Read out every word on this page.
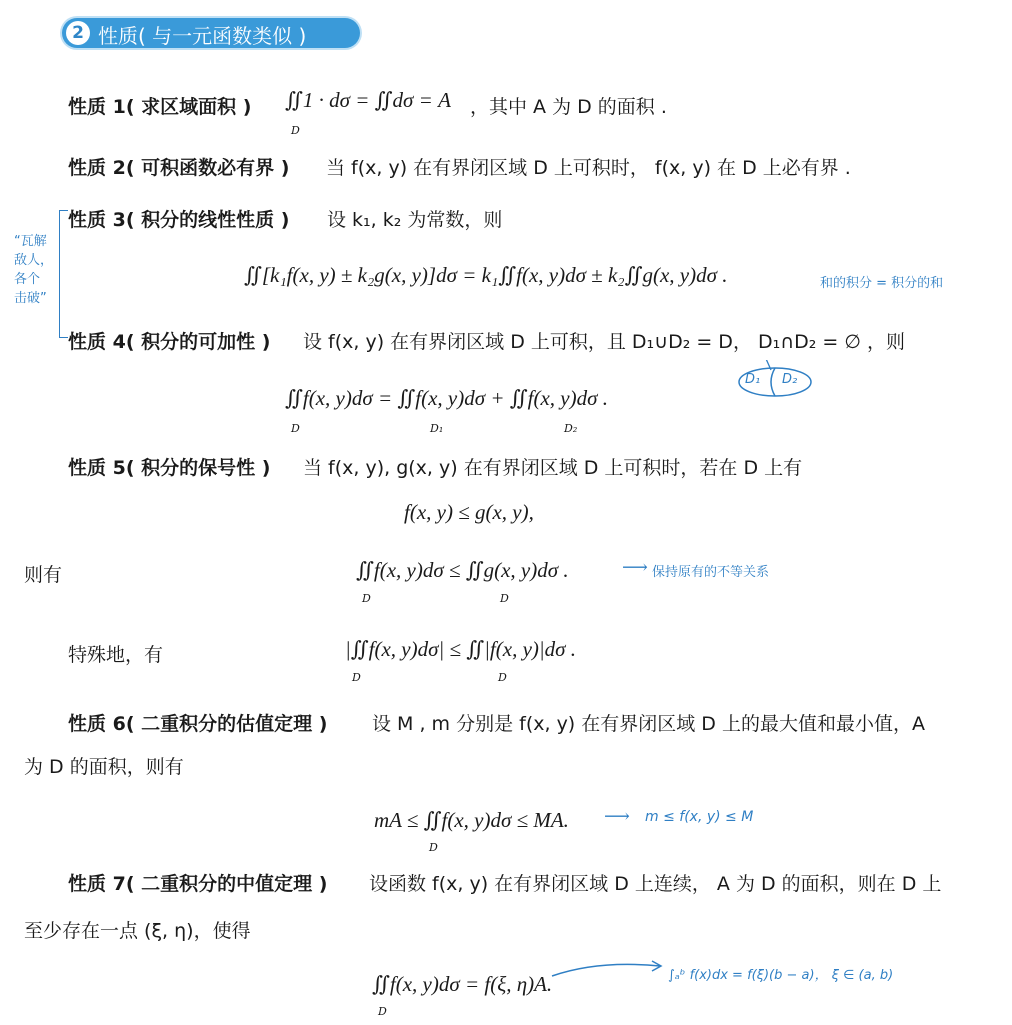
2 性质( 与一元函数类似 )
性质 1( 求区域面积 ) ∬1 · dσ = ∬dσ = A
D
，其中 A 为 D 的面积 .
性质 2( 可积函数必有界 ) 当 f(x, y) 在有界闭区域 D 上可积时， f(x, y) 在 D 上必有界 .
“瓦解
敌人，
各个
击破”
性质 3( 积分的线性性质 ) 设 k₁, k₂ 为常数，则
∬[k₁f(x, y) ± k₂g(x, y)]dσ = k₁∬f(x, y)dσ ± k₂∬g(x, y)dσ .	和的积分 = 积分的和
性质 4( 积分的可加性 ) 设 f(x, y) 在有界闭区域 D 上可积，且 D₁∪D₂ = D， D₁∩D₂ = ∅ ，则
∬f(x, y)dσ = ∬f(x, y)dσ + ∬f(x, y)dσ .
D	D₁	D₂
D₁ D₂
性质 5( 积分的保号性 ) 当 f(x, y), g(x, y) 在有界闭区域 D 上可积时，若在 D 上有
f(x, y) ≤ g(x, y),
则有	∬f(x, y)dσ ≤ ∬g(x, y)dσ .
D	D
⟶ 保持原有的不等关系
特殊地，有	|∬f(x, y)dσ| ≤ ∬|f(x, y)|dσ .
D	D
性质 6( 二重积分的估值定理 ) 设 M , m 分别是 f(x, y) 在有界闭区域 D 上的最大值和最小值，A
为 D 的面积，则有
mA ≤ ∬f(x, y)dσ ≤ MA.
D
⟶ m ≤ f(x, y) ≤ M
性质 7( 二重积分的中值定理 ) 设函数 f(x, y) 在有界闭区域 D 上连续， A 为 D 的面积，则在 D 上
至少存在一点 (ξ, η)，使得
∬f(x, y)dσ = f(ξ, η)A.
D
∫ₐᵇ f(x)dx = f(ξ)(b − a)， ξ ∈ (a, b)
